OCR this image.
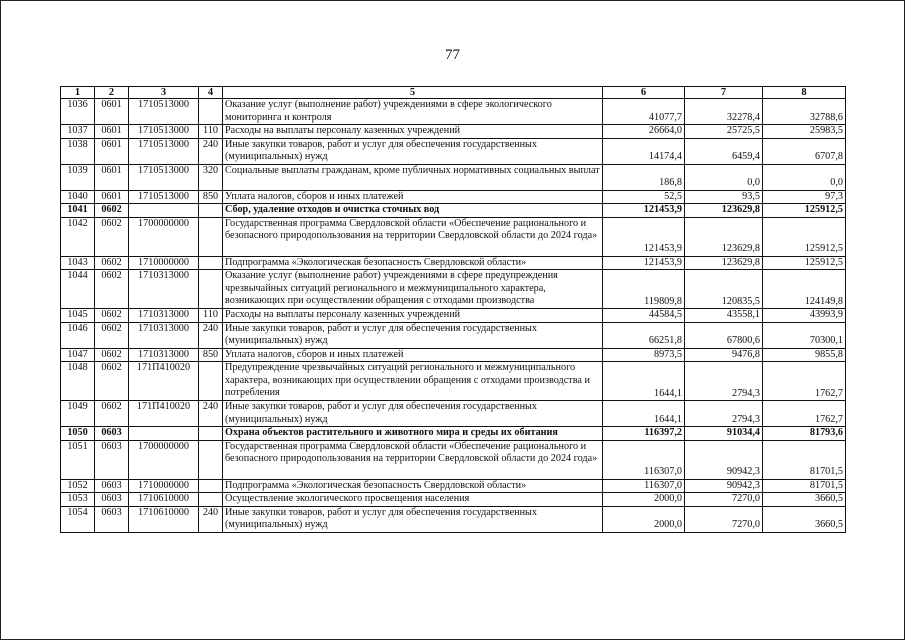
77
1	2	3	4	5	6	7	8
1036	0601	1710513000		Оказание услуг (выполнение работ) учреждениями в сфере экологического мониторинга и контроля	41077,7	32278,4	32788,6
1037	0601	1710513000	110	Расходы на выплаты персоналу казенных учреждений	26664,0	25725,5	25983,5
1038	0601	1710513000	240	Иные закупки товаров, работ и услуг для обеспечения государственных (муниципальных) нужд	14174,4	6459,4	6707,8
1039	0601	1710513000	320	Социальные выплаты гражданам, кроме публичных нормативных социальных выплат	186,8	0,0	0,0
1040	0601	1710513000	850	Уплата налогов, сборов и иных платежей	52,5	93,5	97,3
1041	0602			Сбор, удаление отходов и очистка сточных вод	121453,9	123629,8	125912,5
1042	0602	1700000000		Государственная программа Свердловской области «Обеспечение рационального и безопасного природопользования на территории Свердловской области до 2024 года»	121453,9	123629,8	125912,5
1043	0602	1710000000		Подпрограмма «Экологическая безопасность Свердловской области»	121453,9	123629,8	125912,5
1044	0602	1710313000		Оказание услуг (выполнение работ) учреждениями в сфере предупреждения чрезвычайных ситуаций регионального и межмуниципального характера, возникающих при осуществлении обращения с отходами производства	119809,8	120835,5	124149,8
1045	0602	1710313000	110	Расходы на выплаты персоналу казенных учреждений	44584,5	43558,1	43993,9
1046	0602	1710313000	240	Иные закупки товаров, работ и услуг для обеспечения государственных (муниципальных) нужд	66251,8	67800,6	70300,1
1047	0602	1710313000	850	Уплата налогов, сборов и иных платежей	8973,5	9476,8	9855,8
1048	0602	171П410020		Предупреждение чрезвычайных ситуаций регионального и межмуниципального характера, возникающих при осуществлении обращения с отходами производства и потребления	1644,1	2794,3	1762,7
1049	0602	171П410020	240	Иные закупки товаров, работ и услуг для обеспечения государственных (муниципальных) нужд	1644,1	2794,3	1762,7
1050	0603			Охрана объектов растительного и животного мира и среды их обитания	116397,2	91034,4	81793,6
1051	0603	1700000000		Государственная программа Свердловской области «Обеспечение рационального и безопасного природопользования на территории Свердловской области до 2024 года»	116307,0	90942,3	81701,5
1052	0603	1710000000		Подпрограмма «Экологическая безопасность Свердловской области»	116307,0	90942,3	81701,5
1053	0603	1710610000		Осуществление экологического просвещения населения	2000,0	7270,0	3660,5
1054	0603	1710610000	240	Иные закупки товаров, работ и услуг для обеспечения государственных (муниципальных) нужд	2000,0	7270,0	3660,5
